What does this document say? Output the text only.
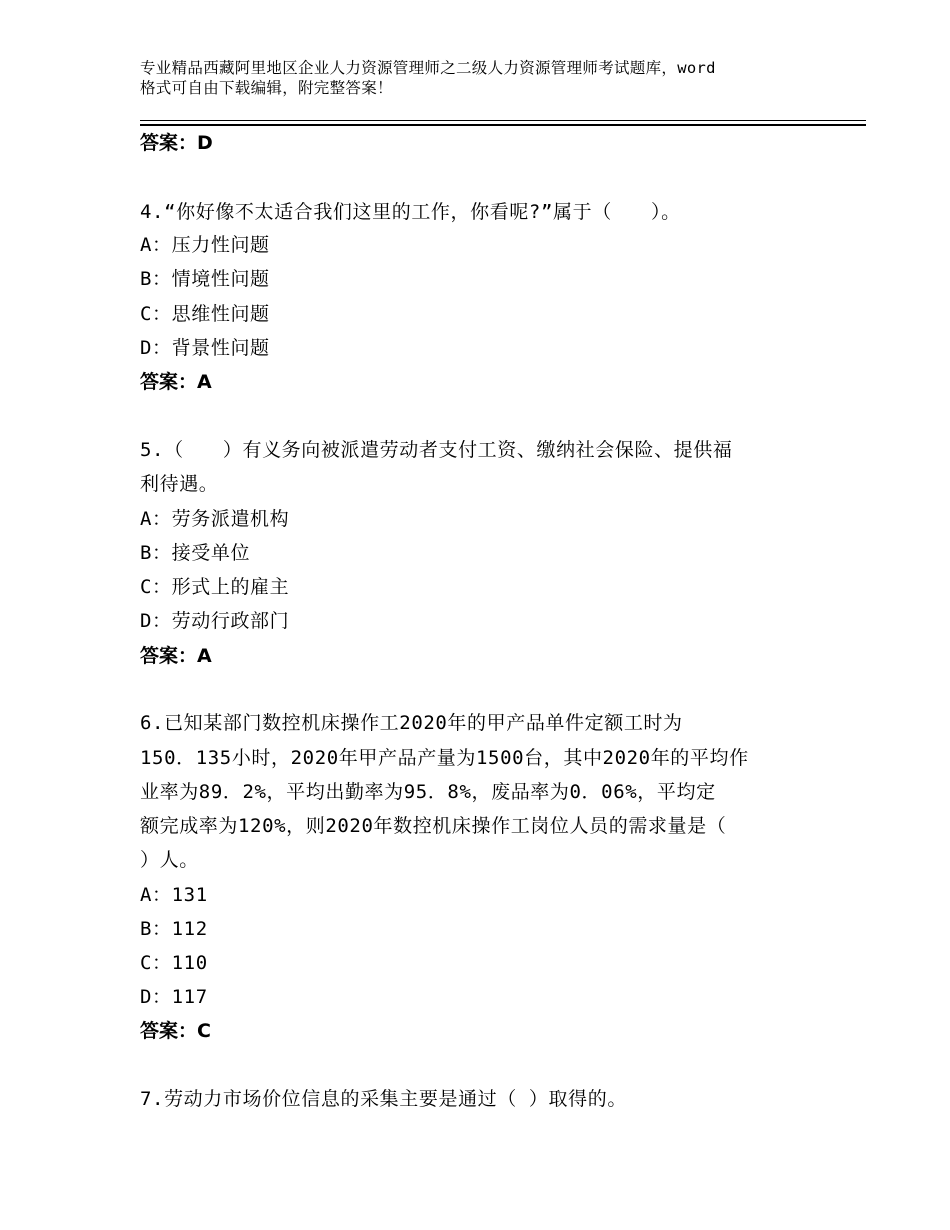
专业精品西藏阿里地区企业人力资源管理师之二级人力资源管理师考试题库，word
格式可自由下载编辑，附完整答案！
答案：D
4.“你好像不太适合我们这里的工作，你看呢?”属于（　　）。
A：压力性问题
B：情境性问题
C：思维性问题
D：背景性问题
答案：A
5.（　　）有义务向被派遣劳动者支付工资、缴纳社会保险、提供福
利待遇。
A：劳务派遣机构
B：接受单位
C：形式上的雇主
D：劳动行政部门
答案：A
6.已知某部门数控机床操作工2020年的甲产品单件定额工时为
150．135小时，2020年甲产品产量为1500台，其中2020年的平均作
业率为89．2%，平均出勤率为95．8%，废品率为0．06%，平均定
额完成率为120%，则2020年数控机床操作工岗位人员的需求量是（
）人。
A：131
B：112
C：110
D：117
答案：C
7.劳动力市场价位信息的采集主要是通过（ ）取得的。
